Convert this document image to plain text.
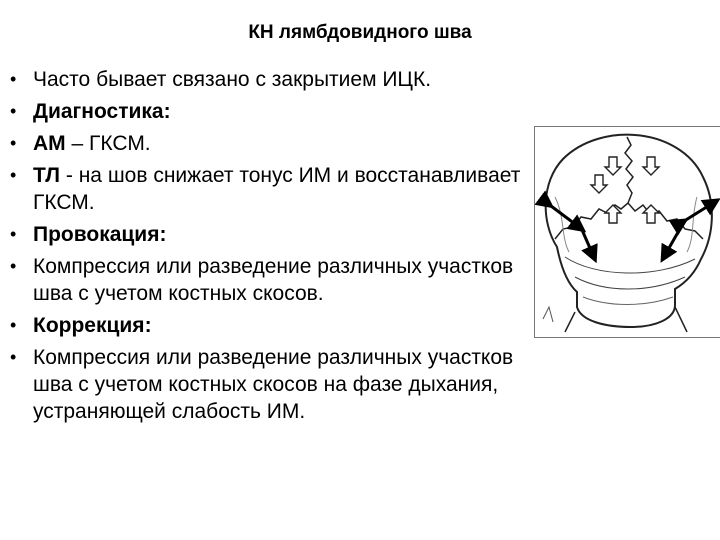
КН лямбдовидного шва
• Часто бывает связано с закрытием ИЦК.
• Диагностика:
• АМ – ГКСМ.
• ТЛ - на шов снижает тонус ИМ и восстанавливает ГКСМ.
• Провокация:
• Компрессия или разведение различных участков шва с учетом костных скосов.
• Коррекция:
• Компрессия или разведение различных участков шва с учетом костных скосов на фазе дыхания, устраняющей слабость ИМ.
